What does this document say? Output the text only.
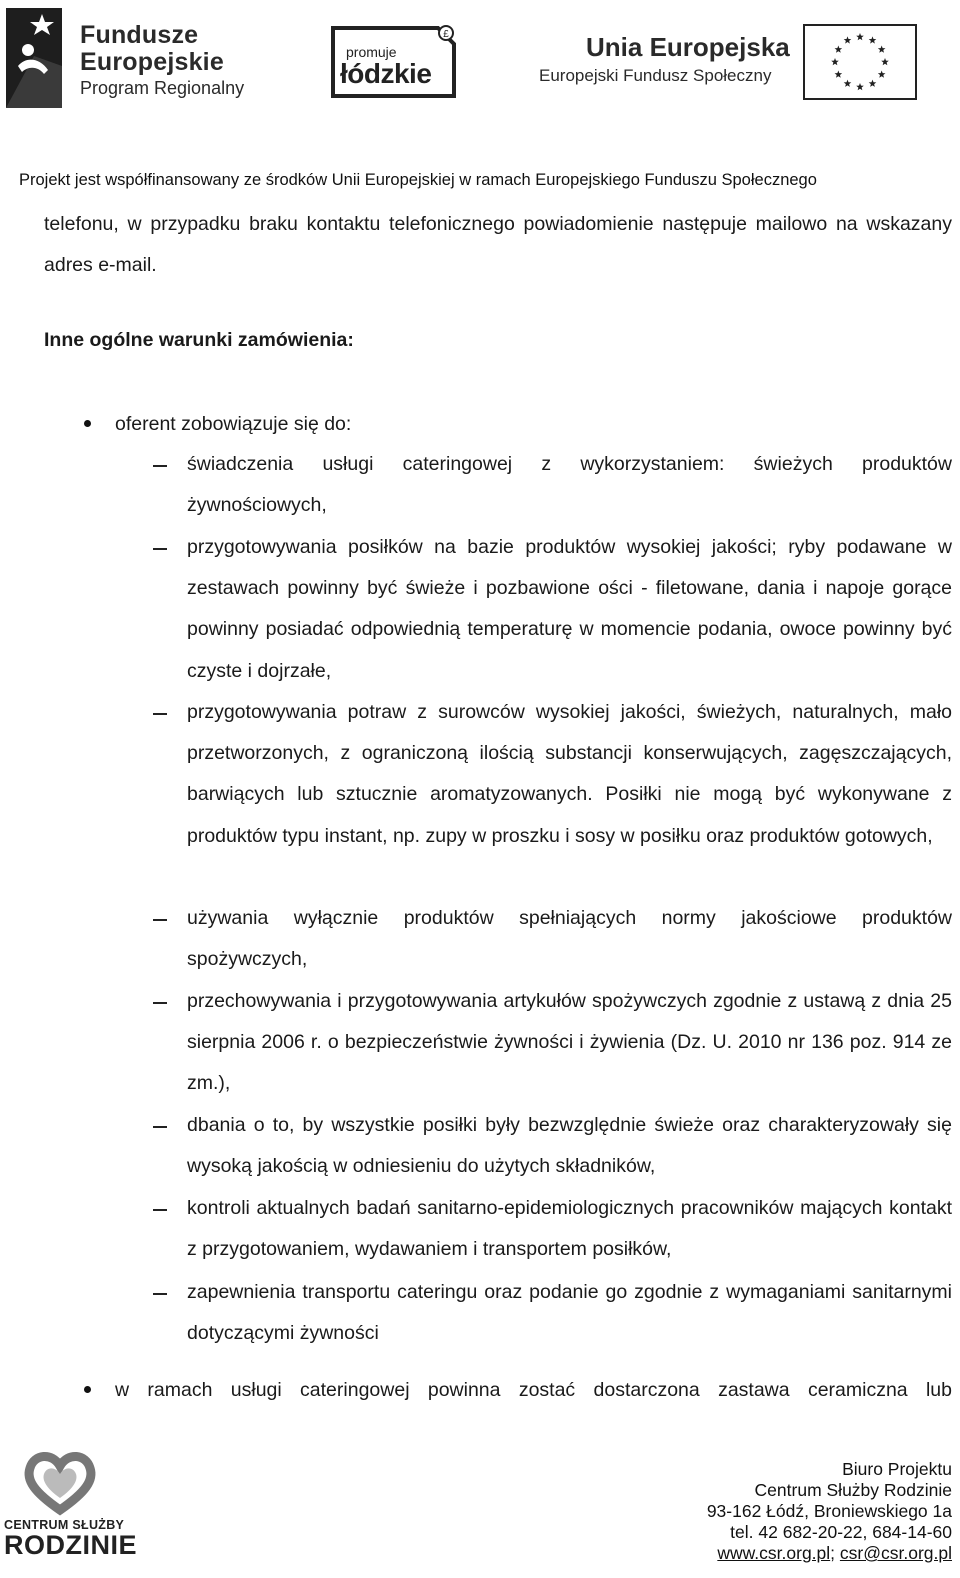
Fundusze
Europejskie
Program Regionalny
£
promuje
łódzkie
Unia Europejska
Europejski Fundusz Społeczny
Projekt jest współfinansowany ze środków Unii Europejskiej w ramach Europejskiego Funduszu Społecznego
telefonu, w przypadku braku kontaktu telefonicznego powiadomienie następuje mailowo na wskazany adres e-mail.
Inne ogólne warunki zamówienia:
oferent zobowiązuje się do:
świadczenia usługi cateringowej z wykorzystaniem: świeżych produktów żywnościowych,
przygotowywania posiłków na bazie produktów wysokiej jakości; ryby podawane w zestawach powinny być świeże i pozbawione ości - filetowane, dania i napoje gorące powinny posiadać odpowiednią temperaturę w momencie podania, owoce powinny być czyste i dojrzałe,
przygotowywania potraw z surowców wysokiej jakości, świeżych, naturalnych, mało przetworzonych, z ograniczoną ilością substancji konserwujących, zagęszczających, barwiących lub sztucznie aromatyzowanych. Posiłki nie mogą być wykonywane z produktów typu instant, np. zupy w proszku i sosy w posiłku oraz produktów gotowych,
używania wyłącznie produktów spełniających normy jakościowe produktów spożywczych,
przechowywania i przygotowywania artykułów spożywczych zgodnie z ustawą z dnia 25 sierpnia 2006 r. o bezpieczeństwie żywności i żywienia (Dz. U. 2010 nr 136 poz. 914 ze zm.),
dbania o to, by wszystkie posiłki były bezwzględnie świeże oraz charakteryzowały się wysoką jakością w odniesieniu do użytych składników,
kontroli aktualnych badań sanitarno-epidemiologicznych pracowników mających kontakt z przygotowaniem, wydawaniem i transportem posiłków,
zapewnienia transportu cateringu oraz podanie go zgodnie z wymaganiami sanitarnymi dotyczącymi żywności
w ramach usługi cateringowej powinna zostać dostarczona zastawa ceramiczna lub
CENTRUM SŁUŻBY
RODZINIE
Biuro Projektu
Centrum Służby Rodzinie
93-162 Łódź, Broniewskiego 1a
tel. 42 682-20-22, 684-14-60
www.csr.org.pl; csr@csr.org.pl
